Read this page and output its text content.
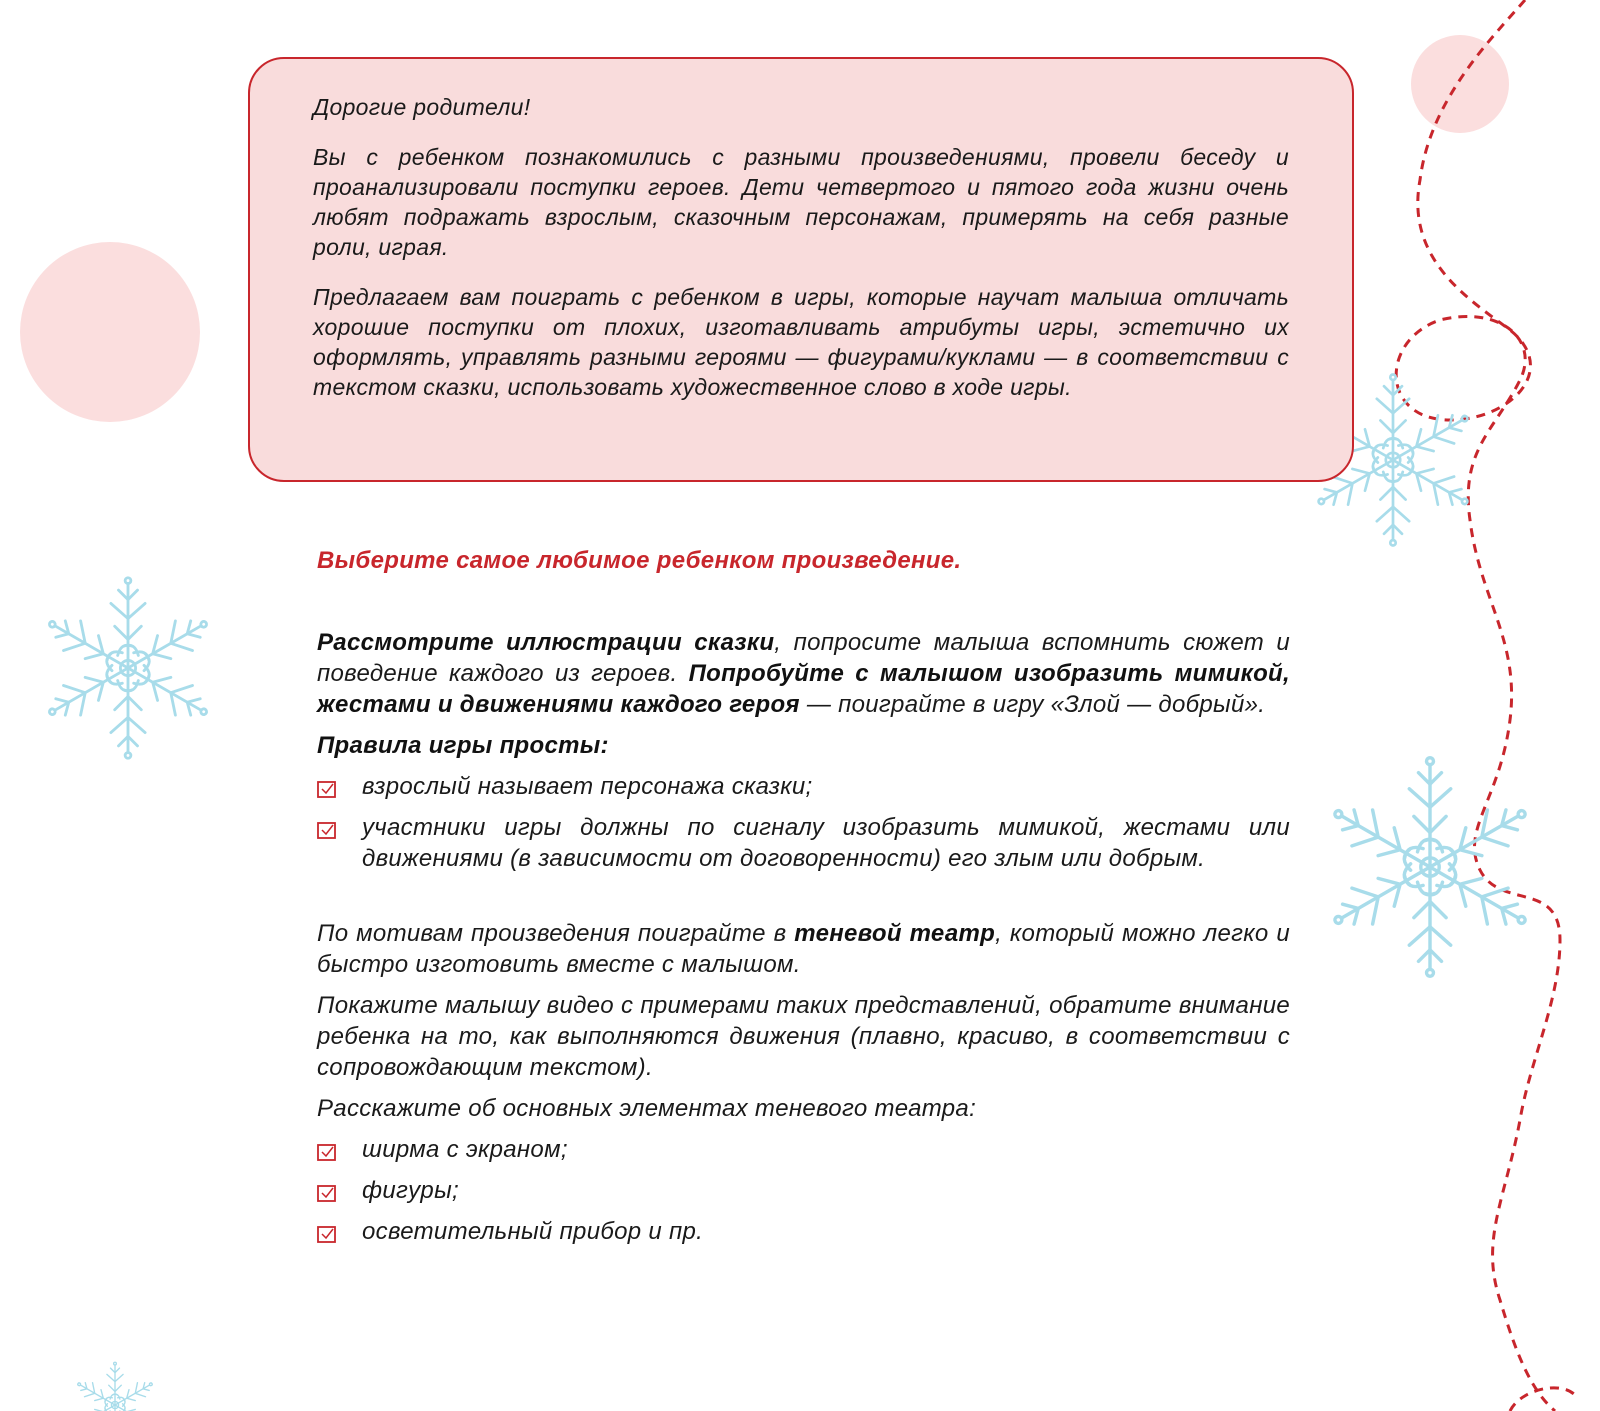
Дорогие родители!

Вы с ребенком познакомились с разными произведениями, провели беседу и проанализировали поступки героев. Дети четвертого и пятого года жизни очень любят подражать взрослым, сказочным персонажам, примерять на себя разные роли, играя.

Предлагаем вам поиграть с ребенком в игры, которые научат малыша отличать хорошие поступки от плохих, изготавливать атрибуты игры, эстетично их оформлять, управлять разными героями — фигурами/куклами — в соответствии с текстом сказки, использовать художественное слово в ходе игры.

Выберите самое любимое ребенком произведение.

Рассмотрите иллюстрации сказки, попросите малыша вспомнить сюжет и поведение каждого из героев. Попробуйте с малышом изобразить мимикой, жестами и движениями каждого героя — поиграйте в игру «Злой — добрый».

Правила игры просты:

взрослый называет персонажа сказки;
участники игры должны по сигналу изобразить мимикой, жестами или движениями (в зависимости от договоренности) его злым или добрым.

По мотивам произведения поиграйте в теневой театр, который можно легко и быстро изготовить вместе с малышом.

Покажите малышу видео с примерами таких представлений, обратите внимание ребенка на то, как выполняются движения (плавно, красиво, в соответствии с сопровождающим текстом).

Расскажите об основных элементах теневого театра:

ширма с экраном;
фигуры;
осветительный прибор и пр.
